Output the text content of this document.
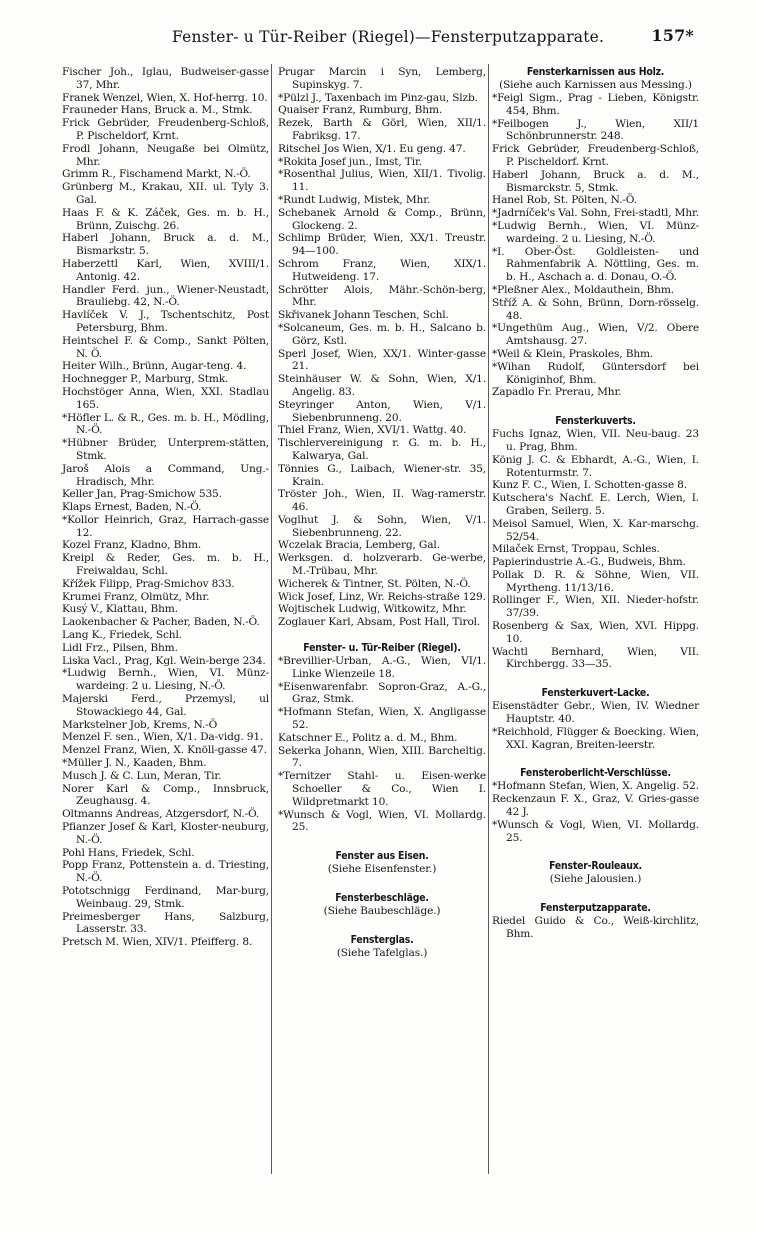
Fenster- u Tür-Reiber (Riegel)—Fensterputzapparate.	157*
Fischer Joh., Iglau, Budweiser-gasse 37, Mhr.
Franek Wenzel, Wien, X. Hof-herrg. 10.
Frauneder Hans, Bruck a. M., Stmk.
Frick Gebrüder, Freudenberg-Schloß, P. Pischeldorf, Krnt.
Frodl Johann, Neugaße bei Olmütz, Mhr.
Grimm R., Fischamend Markt, N.-Ö.
Grünberg M., Krakau, XII. ul. Tyly 3. Gal.
Haas F. & K. Záček, Ges. m. b. H., Brünn, Zuischg. 26.
Haberl Johann, Bruck a. d. M., Bismarkstr. 5.
Haberzettl Karl, Wien, XVIII/1. Antonig. 42.
Handler Ferd. jun., Wiener-Neustadt, Brauliebg. 42, N.-Ö.
Havlíček V. J., Tschentschitz, Post Petersburg, Bhm.
Heintschel F. & Comp., Sankt Pölten, N. Ö.
Heiter Wilh., Brünn, Augar-teng. 4.
Hochnegger P., Marburg, Stmk.
Hochstöger Anna, Wien, XXI. Stadlau 165.
*Höfler L. & R., Ges. m. b. H., Mödling, N.-Ö.
*Hübner Brüder, Unterprem-stätten, Stmk.
Jaroš Alois a Command, Ung.-Hradisch, Mhr.
Keller Jan, Prag-Smichow 535.
Klaps Ernest, Baden, N.-Ö.
*Kollor Heinrich, Graz, Harrach-gasse 12.
Kozel Franz, Kladno, Bhm.
Kreipl & Reder, Ges. m. b. H., Freiwaldau, Schl.
Křížek Filipp, Prag-Smichov 833.
Krumei Franz, Olmütz, Mhr.
Kusý V., Klattau, Bhm.
Laokenbacher & Pacher, Baden, N.-Ö.
Lang K., Friedek, Schl.
Lidl Frz., Pilsen, Bhm.
Liska Vacl., Prag, Kgl. Wein-berge 234.
*Ludwig Bernh., Wien, VI. Münz-wardeing. 2 u. Liesing, N.-Ö.
Majerski Ferd., Przemysl, ul Stowackiego 44, Gal.
Markstelner Job, Krems, N.-Ö
Menzel F. sen., Wien, X/1. Da-vidg. 91.
Menzel Franz, Wien, X. Knöll-gasse 47.
*Müller J. N., Kaaden, Bhm.
Musch J. & C. Lun, Meran, Tir.
Norer Karl & Comp., Innsbruck, Zeughausg. 4.
Oltmanns Andreas, Atzgersdorf, N.-Ö.
Pfianzer Josef & Karl, Kloster-neuburg, N.-Ö.
Pohl Hans, Friedek, Schl.
Popp Franz, Pottenstein a. d. Triesting, N.-Ö.
Pototschnigg Ferdinand, Mar-burg, Weinbaug. 29, Stmk.
Preimesberger Hans, Salzburg, Lasserstr. 33.
Pretsch M. Wien, XIV/1. Pfeifferg. 8.
Prugar Marcin i Syn, Lemberg, Supinskyg. 7.
*Pülzl J., Taxenbach im Pinz-gau, Slzb.
Quaiser Franz, Rumburg, Bhm.
Rezek, Barth & Görl, Wien, XII/1. Fabriksg. 17.
Ritschel Jos Wien, X/1. Eu geng. 47.
*Rokita Josef jun., Imst, Tir.
*Rosenthal Julius, Wien, XII/1. Tivolig. 11.
*Rundt Ludwig, Mistek, Mhr.
Schebanek Arnold & Comp., Brünn, Glockeng. 2.
Schlimp Brüder, Wien, XX/1. Treustr. 94—100.
Schrom Franz, Wien, XIX/1. Hutweideng. 17.
Schrötter Alois, Mähr.-Schön-berg, Mhr.
Skřivanek Johann Teschen, Schl.
*Solcaneum, Ges. m. b. H., Salcano b. Görz, Kstl.
Sperl Josef, Wien, XX/1. Winter-gasse 21.
Steinhäuser W. & Sohn, Wien, X/1. Angelig. 83.
Steyringer Anton, Wien, V/1. Siebenbrunneng. 20.
Thiel Franz, Wien, XVI/1. Wattg. 40.
Tischlervereinigung r. G. m. b. H., Kalwarya, Gal.
Tönnies G., Laibach, Wiener-str. 35, Krain.
Tröster Joh., Wien, II. Wag-ramerstr. 46.
Voglhut J. & Sohn, Wien, V/1. Siebenbrunneng. 22.
Wczelak Bracia, Lemberg, Gal.
Werksgen. d. holzverarb. Ge-werbe, M.-Trübau, Mhr.
Wicherek & Tintner, St. Pölten, N.-Ö.
Wick Josef, Linz, Wr. Reichs-straße 129.
Wojtischek Ludwig, Witkowitz, Mhr.
Zoglauer Karl, Absam, Post Hall, Tirol.
Fenster- u. Tür-Reiber (Riegel).
*Brevillier-Urban, A.-G., Wien, VI/1. Linke Wienzeile 18.
*Eisenwarenfabr. Sopron-Graz, A.-G., Graz, Stmk.
*Hofmann Stefan, Wien, X. Angligasse 52.
Katschner E., Politz a. d. M., Bhm.
Sekerka Johann, Wien, XIII. Barcheltig. 7.
*Ternitzer Stahl- u. Eisen-werke Schoeller & Co., Wien I. Wildpretmarkt 10.
*Wunsch & Vogl, Wien, VI. Mollardg. 25.
Fenster aus Eisen.
(Siehe Eisenfenster.)
Fensterbeschläge.
(Siehe Baubeschläge.)
Fensterglas.
(Siehe Tafelglas.)
Fensterkarnissen aus Holz.
(Siehe auch Karnissen aus Messing.)
*Feigl Sigm., Prag - Lieben, Königstr. 454, Bhm.
*Feilbogen J., Wien, XII/1 Schönbrunnerstr. 248.
Frick Gebrüder, Freudenberg-Schloß, P. Pischeldorf. Krnt.
Haberl Johann, Bruck a. d. M., Bismarckstr. 5, Stmk.
Hanel Rob, St. Pölten, N.-Ö.
*Jadrníček's Val. Sohn, Frei-stadtl, Mhr.
*Ludwig Bernh., Wien, VI. Münz-wardeing. 2 u. Liesing, N.-Ö.
*I. Ober-Öst. Goldleisten- und Rahmenfabrik A. Nöttling, Ges. m. b. H., Aschach a. d. Donau, O.-Ö.
*Pleßner Alex., Moldauthein, Bhm.
Stříž A. & Sohn, Brünn, Dorn-rösselg. 48.
*Ungethüm Aug., Wien, V/2. Obere Amtshausg. 27.
*Weil & Klein, Praskoles, Bhm.
*Wihan Rudolf, Güntersdorf bei Königinhof, Bhm.
Zapadlo Fr. Prerau, Mhr.
Fensterkuverts.
Fuchs Ignaz, Wien, VII. Neu-baug. 23 u. Prag, Bhm.
König J. C. & Ebhardt, A.-G., Wien, I. Rotenturmstr. 7.
Kunz F. C., Wien, I. Schotten-gasse 8.
Kutschera's Nachf. E. Lerch, Wien, I. Graben, Seilerg. 5.
Meisol Samuel, Wien, X. Kar-marschg. 52/54.
Milaček Ernst, Troppau, Schles.
Papierindustrie A.-G., Budweis, Bhm.
Pollak D. R. & Söhne, Wien, VII. Myrtheng. 11/13/16.
Rollinger F., Wien, XII. Nieder-hofstr. 37/39.
Rosenberg & Sax, Wien, XVI. Hippg. 10.
Wachtl Bernhard, Wien, VII. Kirchbergg. 33—35.
Fensterkuvert-Lacke.
Eisenstädter Gebr., Wien, IV. Wiedner Hauptstr. 40.
*Reichhold, Flügger & Boecking. Wien, XXI. Kagran, Breiten-leerstr.
Fensteroberlicht-Verschlüsse.
*Hofmann Stefan, Wien, X. Angelig. 52.
Reckenzaun F. X., Graz, V. Gries-gasse 42 J.
*Wunsch & Vogl, Wien, VI. Mollardg. 25.
Fenster-Rouleaux.
(Siehe Jalousien.)
Fensterputzapparate.
Riedel Guido & Co., Weiß-kirchlitz, Bhm.
